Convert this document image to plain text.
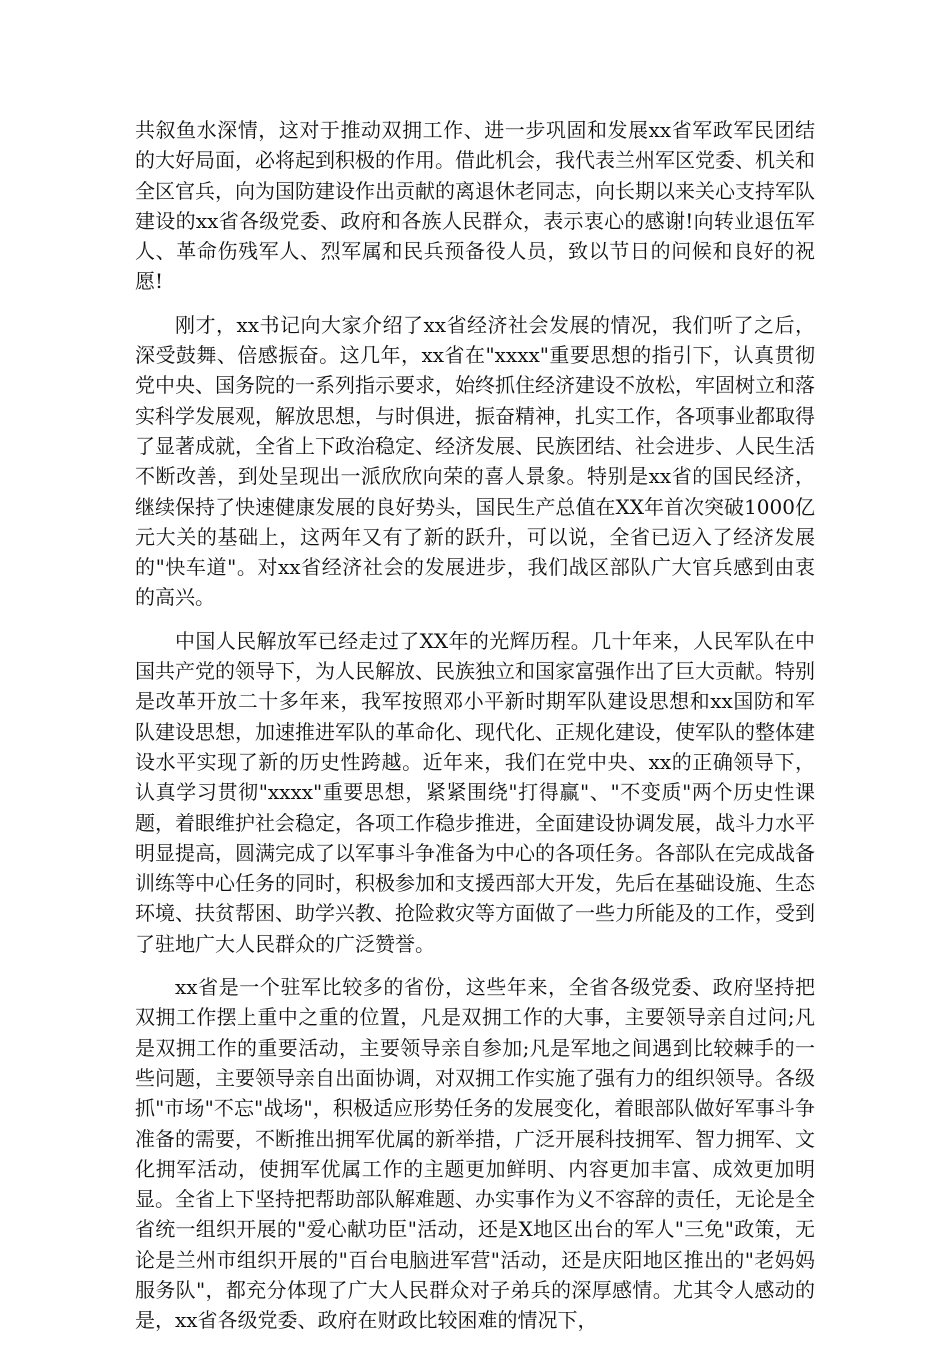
共叙鱼水深情，这对于推动双拥工作、进一步巩固和发展xx省军政军民团结的大好局面，必将起到积极的作用。借此机会，我代表兰州军区党委、机关和全区官兵，向为国防建设作出贡献的离退休老同志，向长期以来关心支持军队建设的xx省各级党委、政府和各族人民群众，表示衷心的感谢!向转业退伍军人、革命伤残军人、烈军属和民兵预备役人员，致以节日的问候和良好的祝愿!

刚才，xx书记向大家介绍了xx省经济社会发展的情况，我们听了之后，深受鼓舞、倍感振奋。这几年，xx省在"xxxx"重要思想的指引下，认真贯彻党中央、国务院的一系列指示要求，始终抓住经济建设不放松，牢固树立和落实科学发展观，解放思想，与时俱进，振奋精神，扎实工作，各项事业都取得了显著成就，全省上下政治稳定、经济发展、民族团结、社会进步、人民生活不断改善，到处呈现出一派欣欣向荣的喜人景象。特别是xx省的国民经济，继续保持了快速健康发展的良好势头，国民生产总值在XX年首次突破1000亿元大关的基础上，这两年又有了新的跃升，可以说，全省已迈入了经济发展的"快车道"。对xx省经济社会的发展进步，我们战区部队广大官兵感到由衷的高兴。

中国人民解放军已经走过了XX年的光辉历程。几十年来，人民军队在中国共产党的领导下，为人民解放、民族独立和国家富强作出了巨大贡献。特别是改革开放二十多年来，我军按照邓小平新时期军队建设思想和xx国防和军队建设思想，加速推进军队的革命化、现代化、正规化建设，使军队的整体建设水平实现了新的历史性跨越。近年来，我们在党中央、xx的正确领导下，认真学习贯彻"xxxx"重要思想，紧紧围绕"打得赢"、"不变质"两个历史性课题，着眼维护社会稳定，各项工作稳步推进，全面建设协调发展，战斗力水平明显提高，圆满完成了以军事斗争准备为中心的各项任务。各部队在完成战备训练等中心任务的同时，积极参加和支援西部大开发，先后在基础设施、生态环境、扶贫帮困、助学兴教、抢险救灾等方面做了一些力所能及的工作，受到了驻地广大人民群众的广泛赞誉。

xx省是一个驻军比较多的省份，这些年来，全省各级党委、政府坚持把双拥工作摆上重中之重的位置，凡是双拥工作的大事，主要领导亲自过问;凡是双拥工作的重要活动，主要领导亲自参加;凡是军地之间遇到比较棘手的一些问题，主要领导亲自出面协调，对双拥工作实施了强有力的组织领导。各级抓"市场"不忘"战场"，积极适应形势任务的发展变化，着眼部队做好军事斗争准备的需要，不断推出拥军优属的新举措，广泛开展科技拥军、智力拥军、文化拥军活动，使拥军优属工作的主题更加鲜明、内容更加丰富、成效更加明显。全省上下坚持把帮助部队解难题、办实事作为义不容辞的责任，无论是全省统一组织开展的"爱心献功臣"活动，还是X地区出台的军人"三免"政策，无论是兰州市组织开展的"百台电脑进军营"活动，还是庆阳地区推出的"老妈妈服务队"，都充分体现了广大人民群众对子弟兵的深厚感情。尤其令人感动的是，xx省各级党委、政府在财政比较困难的情况下，
